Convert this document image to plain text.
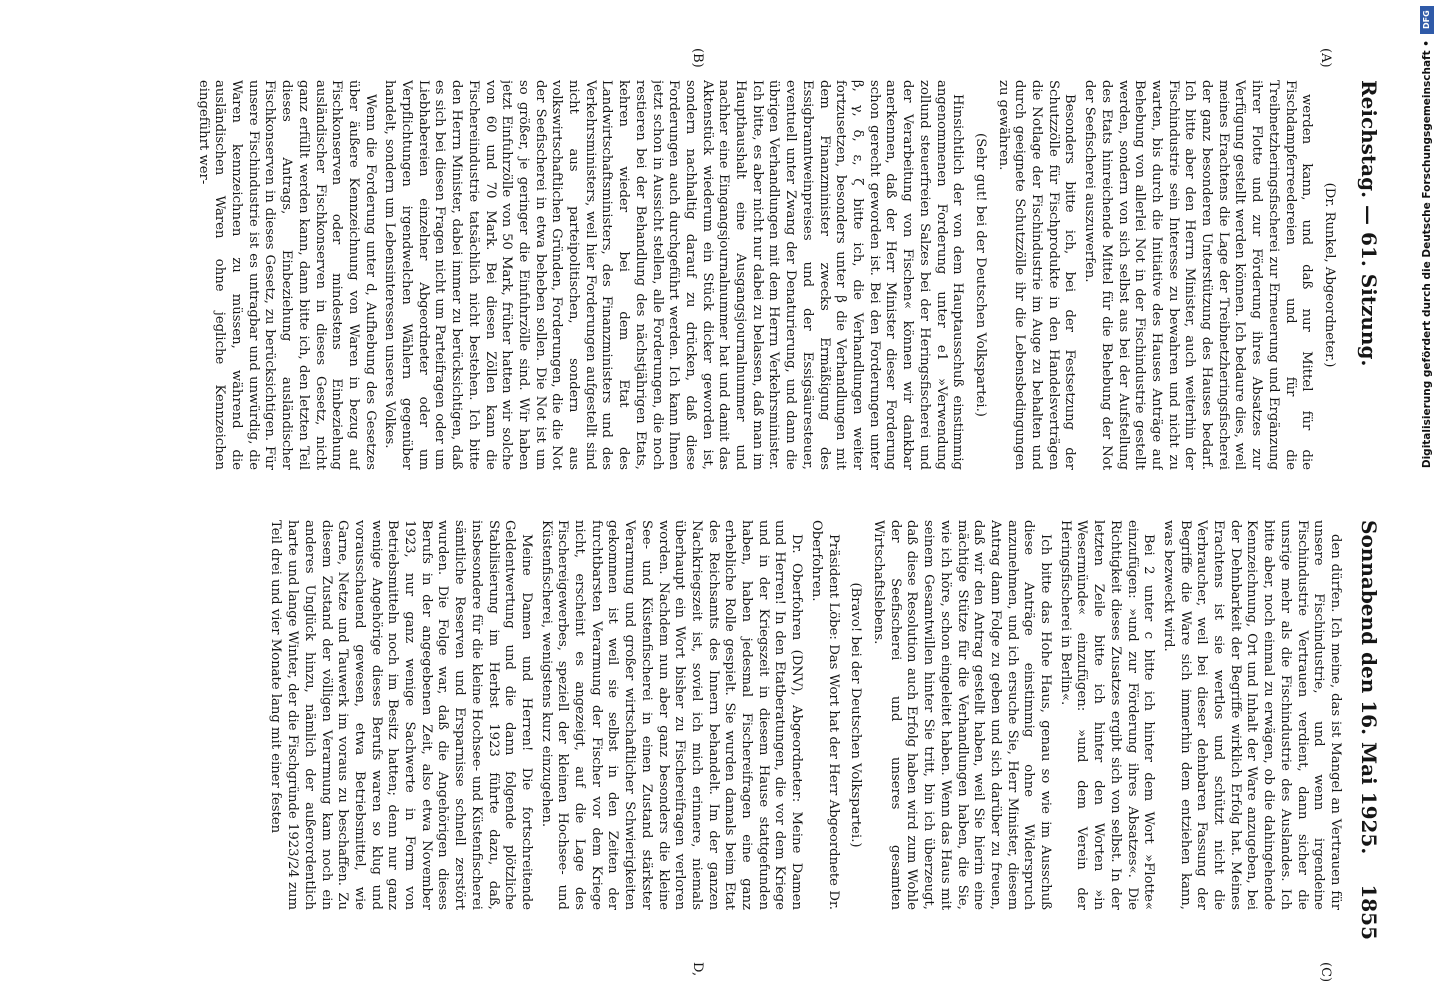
Reichstag. — 61. Sitzung.
Sonnabend den 16. Mai 1925.
1855
(A)
(B)
(C)
D,

(Dr. Runkel, Abgeordneter.)

werden kann, und daß nur Mittel für die Fischdampferreedereien und für die Treibnetzheringsfischerei zur Erneuerung und Ergänzung ihrer Flotte und zur Förderung ihres Absatzes zur Verfügung gestellt werden können. Ich bedaure dies, weil meines Erachtens die Lage der Treibnetzheringsfischerei der ganz besonderen Unterstützung des Hauses bedarf. Ich bitte aber den Herrn Minister, auch weiterhin der Fischindustrie sein Interesse zu bewahren und nicht zu warten, bis durch die Initiative des Hauses Anträge auf Behebung von allerlei Not in der Fischindustrie gestellt werden, sondern von sich selbst aus bei der Aufstellung des Etats hinreichende Mittel für die Behebung der Not der Seefischerei auszuwerfen.

Besonders bitte ich, bei der Festsetzung der Schutzzölle für Fischprodukte in den Handelsverträgen die Notlage der Fischindustrie im Auge zu behalten und durch geeignete Schutzzölle ihr die Lebensbedingungen zu gewähren.

(Sehr gut! bei der Deutschen Volkspartei.)

Hinsichtlich der von dem Hauptausschuß einstimmig angenommenen Forderung unter e1 »Verwendung zollund steuerfreien Salzes bei der Heringsfischerei und der Verarbeitung von Fischen« können wir dankbar anerkennen, daß der Herr Minister dieser Forderung schon gerecht geworden ist. Bei den Forderungen unter β, γ, δ, ε, ζ bitte ich, die Verhandlungen weiter fortzusetzen, besonders unter β die Verhandlungen mit dem Finanzminister zwecks Ermäßigung des Essigbranntweinpreises und der Essigsäuresteuer, eventuell unter Zwang der Denaturierung, und dann die übrigen Verhandlungen mit dem Herrn Verkehrsminister. Ich bitte, es aber nicht nur dabei zu belassen, daß man im Haupthaushalt eine Ausgangsjournalnummer und nachher eine Eingangsjournalnummer hat und damit das Aktenstück wiederum ein Stück dicker geworden ist, sondern nachhaltig darauf zu drücken, daß diese Forderungen auch durchgeführt werden. Ich kann Ihnen jetzt schon in Aussicht stellen, alle Forderungen, die noch restieren bei der Behandlung des nächstjährigen Etats, kehren wieder bei dem Etat des Landwirtschaftsministers, des Finanzministers und des Verkehrsministers, weil hier Forderungen aufgestellt sind nicht aus parteipolitischen, sondern aus volkswirtschaftlichen Gründen, Forderungen, die die Not der Seefischerei in etwa beheben sollen. Die Not ist um so größer, je geringer die Einfuhrzölle sind. Wir haben jetzt Einfuhrzölle von 50 Mark, früher hatten wir solche von 60 und 70 Mark. Bei diesen Zöllen kann die Fischereiindustrie tatsächlich nicht bestehen. Ich bitte den Herrn Minister, dabei immer zu berücksichtigen, daß es sich bei diesen Fragen nicht um Parteifragen oder um Liebhabereien einzelner Abgeordneter oder um Verpflichtungen irgendwelchen Wählern gegenüber handelt, sondern um Lebensinteressen unseres Volkes.

Wenn die Forderung unter d, Aufhebung des Gesetzes über äußere Kennzeichnung von Waren in bezug auf Fischkonserven oder mindestens Einbeziehung ausländischer Fischkonserven in dieses Gesetz, nicht ganz erfüllt werden kann, dann bitte ich, den letzten Teil dieses Antrags, Einbeziehung ausländischer Fischkonserven in dieses Gesetz, zu berücksichtigen. Für unsere Fischindustrie ist es untragbar und unwürdig, die Waren kennzeichnen zu müssen, während die ausländischen Waren ohne jegliche Kennzeichen eingeführt wer-

den dürfen. Ich meine, das ist Mangel an Vertrauen für unsere Fischindustrie, und wenn irgendeine Fischindustrie Vertrauen verdient, dann sicher die unsrige mehr als die Fischindustrie des Auslandes. Ich bitte aber, noch einmal zu erwägen, ob die dahingehende Kennzeichnung, Ort und Inhalt der Ware anzugeben, bei der Dehnbarkeit der Begriffe wirklich Erfolg hat. Meines Erachtens ist sie wertlos und schützt nicht die Verbraucher, weil bei dieser dehnbaren Fassung der Begriffe die Ware sich immerhin dem entziehen kann, was bezweckt wird.

Bei 2 unter c bitte ich hinter dem Wort »Flotte« einzufügen: »und zur Förderung ihres Absatzes«. Die Richtigkeit dieses Zusatzes ergibt sich von selbst. In der letzten Zeile bitte ich hinter den Worten »in Wesermünde« einzufügen: »und dem Verein der Heringsfischerei in Berlin«.

Ich bitte das Hohe Haus, genau so wie im Ausschuß diese Anträge einstimmig ohne Widerspruch anzunehmen, und ich ersuche Sie, Herr Minister, diesem Antrag dann Folge zu geben und sich darüber zu freuen, daß wir den Antrag gestellt haben, weil Sie hierin eine mächtige Stütze für die Verhandlungen haben, die Sie, wie ich höre, schon eingeleitet haben. Wenn das Haus mit seinem Gesamtwillen hinter Sie tritt, bin ich überzeugt, daß diese Resolution auch Erfolg haben wird zum Wohle der Seefischerei und unseres gesamten Wirtschaftslebens.

(Bravo! bei der Deutschen Volkspartei.)

Präsident Löbe: Das Wort hat der Herr Abgeordnete Dr. Oberfohren.

Dr. Oberfohren (DNV), Abgeordneter: Meine Damen und Herren! In den Etatberatungen, die vor dem Kriege und in der Kriegszeit in diesem Hause stattgefunden haben, haben jedesmal Fischereifragen eine ganz erhebliche Rolle gespielt. Sie wurden damals beim Etat des Reichsamts des Innern behandelt. Im der ganzen Nachkriegszeit ist, soviel ich mich erinnere, niemals überhaupt ein Wort bisher zu Fischereifragen verloren worden. Nachdem nun aber ganz besonders die kleine See- und Küstenfischerei in einen Zustand stärkster Verarmung und großer wirtschaftlicher Schwierigkeiten gekommen ist weil sie selbst in den Zeiten der furchtbarsten Verarmung der Fischer vor dem Kriege nicht, erscheint es angezeigt, auf die Lage des Fischereigewerbes, speziell der kleinen Hochsee- und Küstenfischerei, wenigstens kurz einzugehen.

Meine Damen und Herren! Die fortschreitende Geldentwertung und die dann folgende plötzliche Stabilisierung im Herbst 1923 führte dazu, daß, insbesondere für die kleine Hochsee- und Küstenfischerei sämtliche Reserven und Ersparnisse schnell zerstört wurden. Die Folge war, daß die Angehörigen dieses Berufs in der angegebenen Zeit, also etwa November 1923, nur ganz wenige Sachwerte in Form von Betriebsmitteln noch im Besitz hatten; denn nur ganz wenige Angehörige dieses Berufs waren so klug und vorausschauend gewesen, etwa Betriebsmittel, wie Garne, Netze und Tauwerk im voraus zu beschaffen. Zu diesem Zustand der völligen Verarmung kam noch ein anderes Unglück hinzu, nämlich der außerordentlich harte und lange Winter, der die Fischgründe 1923/24 zum Teil drei und vier Monate lang mit einer festen

DFG
Digitalisierung gefördert durch die Deutsche Forschungsgemeinschaft •
